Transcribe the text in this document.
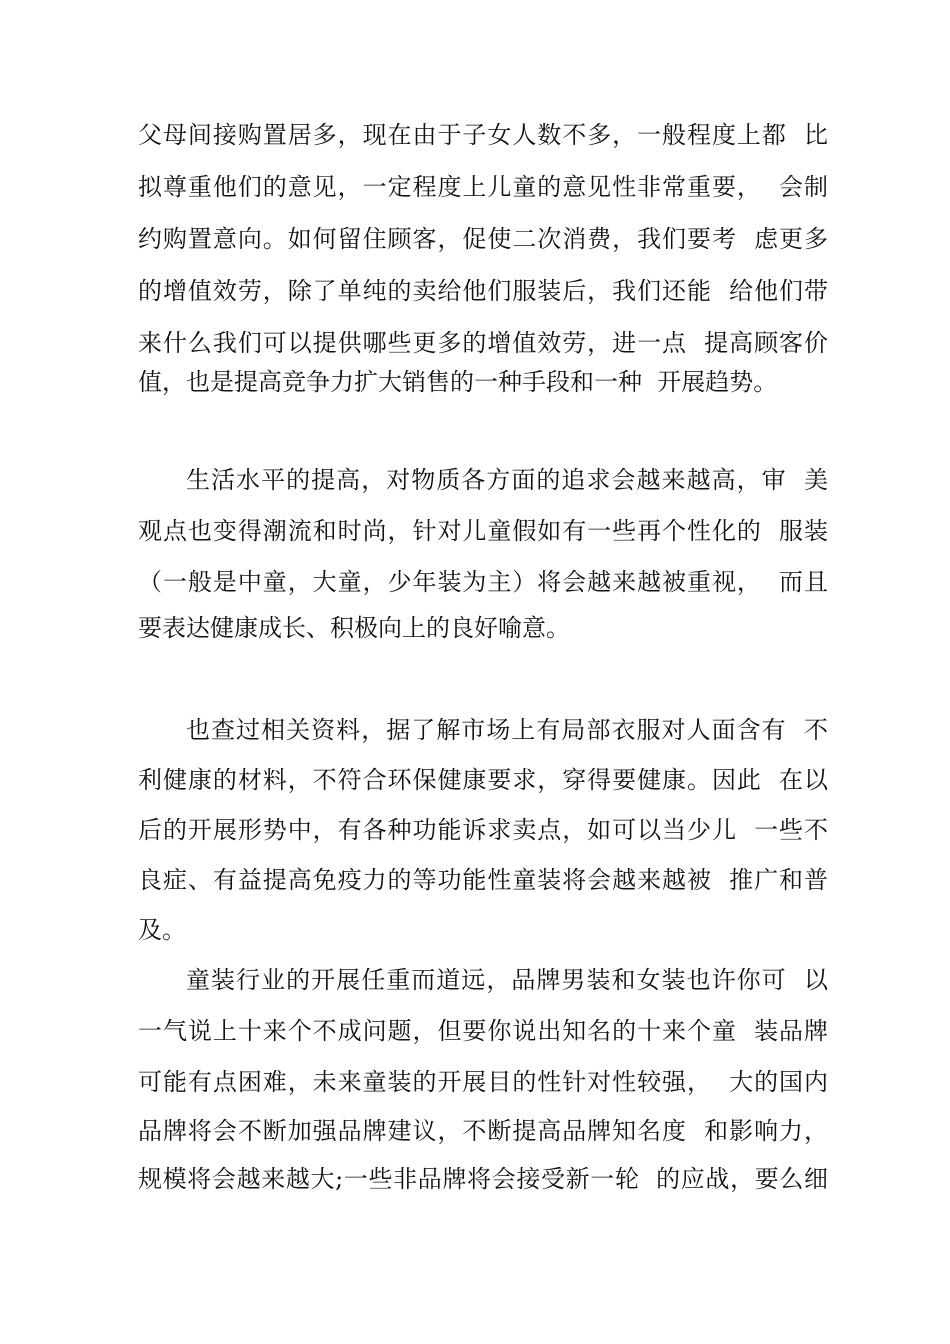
父母间接购置居多，现在由于子女人数不多，一般程度上都  比
拟尊重他们的意见，一定程度上儿童的意见性非常重要，  会制
约购置意向。如何留住顾客，促使二次消费，我们要考  虑更多
的增值效劳，除了单纯的卖给他们服装后，我们还能  给他们带
来什么我们可以提供哪些更多的增值效劳，进一点  提高顾客价
值，也是提高竞争力扩大销售的一种手段和一种  开展趋势。
生活水平的提高，对物质各方面的追求会越来越高，审  美
观点也变得潮流和时尚，针对儿童假如有一些再个性化的  服装
（一般是中童，大童，少年装为主）将会越来越被重视，  而且
要表达健康成长、积极向上的良好喻意。
也查过相关资料，据了解市场上有局部衣服对人面含有  不
利健康的材料，不符合环保健康要求，穿得要健康。因此  在以
后的开展形势中，有各种功能诉求卖点，如可以当少儿  一些不
良症、有益提高免疫力的等功能性童装将会越来越被  推广和普
及。
童装行业的开展任重而道远，品牌男装和女装也许你可  以
一气说上十来个不成问题，但要你说出知名的十来个童  装品牌
可能有点困难，未来童装的开展目的性针对性较强，  大的国内
品牌将会不断加强品牌建议，不断提高品牌知名度  和影响力，
规模将会越来越大;一些非品牌将会接受新一轮  的应战，要么细
